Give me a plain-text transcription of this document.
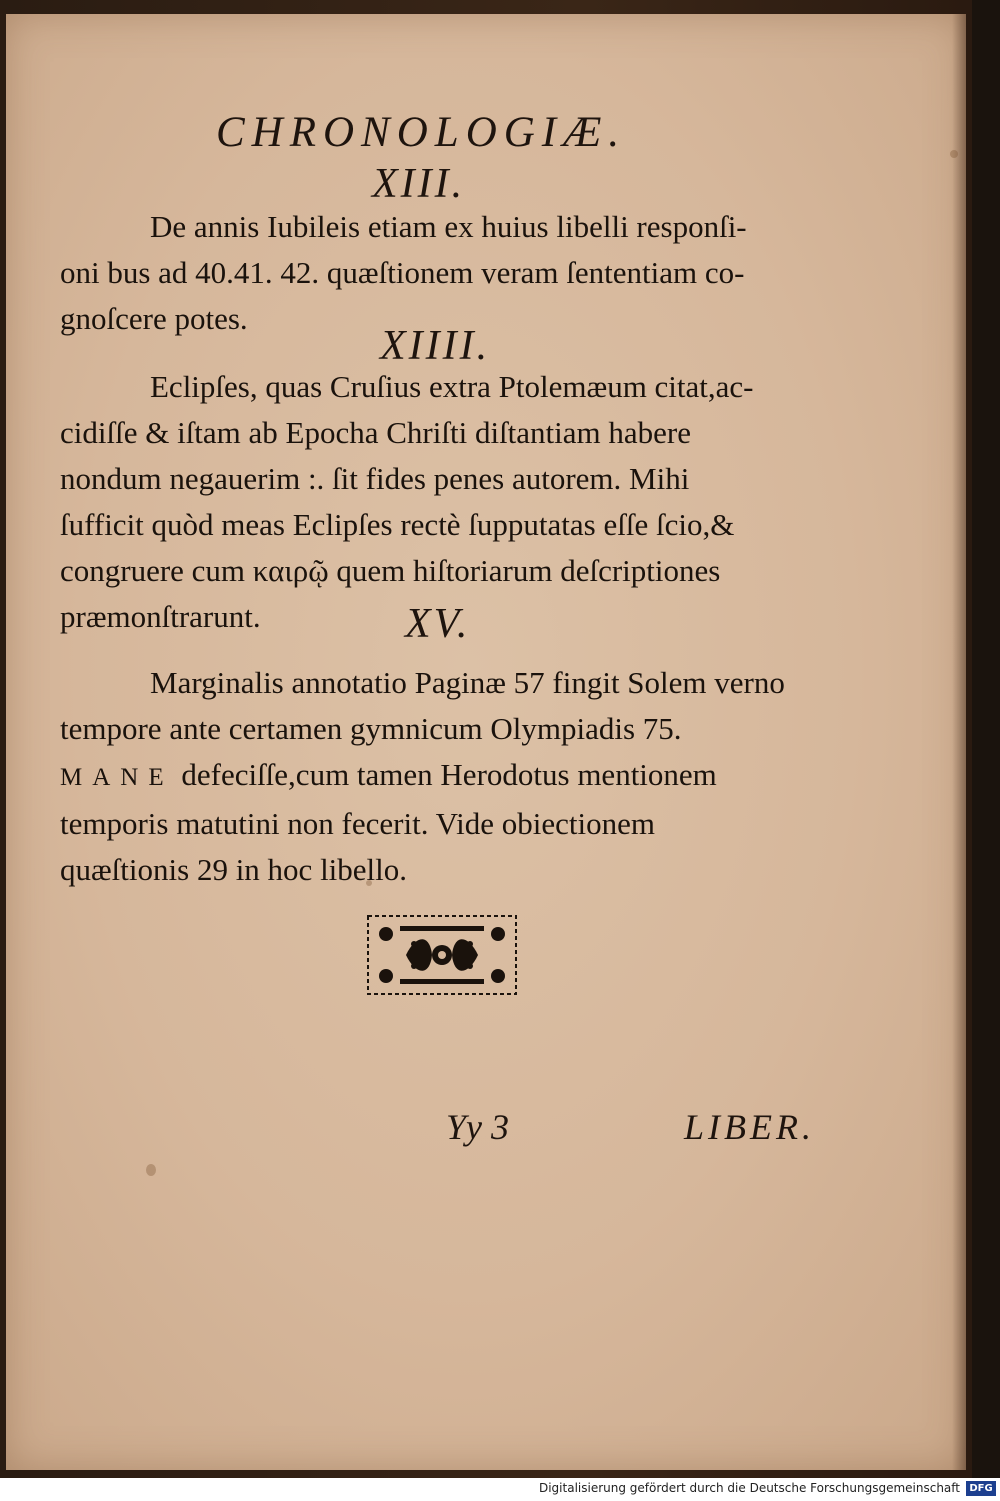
CHRONOLOGIÆ.
XIII.
De annis Iubileis etiam ex huius libelli responſi-
oni bus ad 40.41. 42. quæſtionem veram ſententiam co-
gnoſcere potes.
XIIII.
Eclipſes, quas Cruſius extra Ptolemæum citat,ac-
cidiſſe & iſtam ab Epocha Chriſti diſtantiam habere
nondum negauerim :. ſit fides penes autorem. Mihi
ſufficit quòd meas Eclipſes rectè ſupputatas eſſe ſcio,&
congruere cum καιρῷ quem hiſtoriarum deſcriptiones
præmonſtrarunt.	XV.
Marginalis annotatio Paginæ 57 fingit Solem verno
tempore ante certamen gymnicum Olympiadis 75.
MANE defeciſſe,cum tamen Herodotus mentionem
temporis matutini non fecerit. Vide obiectionem
quæſtionis 29 in hoc libello.
Yy 3	LIBER.
Digitalisierung gefördert durch die Deutsche Forschungsgemeinschaft DFG
